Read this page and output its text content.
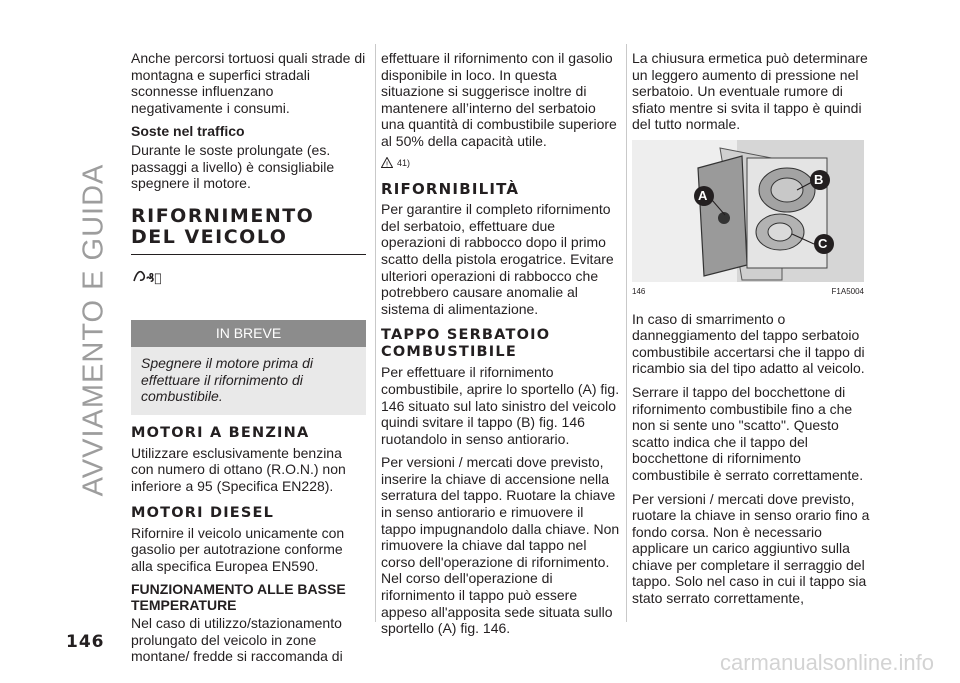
AVVIAMENTO E GUIDA

Anche percorsi tortuosi quali strade di montagna e superfici stradali sconnesse influenzano negativamente i consumi.

Soste nel traffico

Durante le soste prolungate (es. passaggi a livello) è consigliabile spegnere il motore.

RIFORNIMENTO DEL VEICOLO
₰᪸
IN BREVE
Spegnere il motore prima di effettuare il rifornimento di combustibile.
MOTORI A BENZINA

Utilizzare esclusivamente benzina con numero di ottano (R.O.N.) non inferiore a 95 (Specifica EN228).

MOTORI DIESEL

Rifornire il veicolo unicamente con gasolio per autotrazione conforme alla specifica Europea EN590.

FUNZIONAMENTO ALLE BASSE TEMPERATURE

Nel caso di utilizzo/stazionamento prolungato del veicolo in zone montane/ fredde si raccomanda di

effettuare il rifornimento con il gasolio disponibile in loco. In questa situazione si suggerisce inoltre di mantenere all’interno del serbatoio una quantità di combustibile superiore al 50% della capacità utile.

! 41)
RIFORNIBILITÀ

Per garantire il completo rifornimento del serbatoio, effettuare due operazioni di rabbocco dopo il primo scatto della pistola erogatrice. Evitare ulteriori operazioni di rabbocco che potrebbero causare anomalie al sistema di alimentazione.

TAPPO SERBATOIO COMBUSTIBILE

Per effettuare il rifornimento combustibile, aprire lo sportello (A) fig. 146 situato sul lato sinistro del veicolo quindi svitare il tappo (B) fig. 146 ruotandolo in senso antiorario.

Per versioni / mercati dove previsto, inserire la chiave di accensione nella serratura del tappo. Ruotare la chiave in senso antiorario e rimuovere il tappo impugnandolo dalla chiave. Non rimuovere la chiave dal tappo nel corso dell'operazione di rifornimento. Nel corso dell'operazione di rifornimento il tappo può essere appeso all'apposita sede situata sullo sportello (A) fig. 146.

La chiusura ermetica può determinare un leggero aumento di pressione nel serbatoio. Un eventuale rumore di sfiato mentre si svita il tappo è quindi del tutto normale.

A
B
C
146	F1A5004

In caso di smarrimento o danneggiamento del tappo serbatoio combustibile accertarsi che il tappo di ricambio sia del tipo adatto al veicolo.

Serrare il tappo del bocchettone di rifornimento combustibile fino a che non si sente uno "scatto". Questo scatto indica che il tappo del bocchettone di rifornimento combustibile è serrato correttamente.

Per versioni / mercati dove previsto, ruotare la chiave in senso orario fino a fondo corsa. Non è necessario applicare un carico aggiuntivo sulla chiave per completare il serraggio del tappo. Solo nel caso in cui il tappo sia stato serrato correttamente,

146
carmanualsonline.info
